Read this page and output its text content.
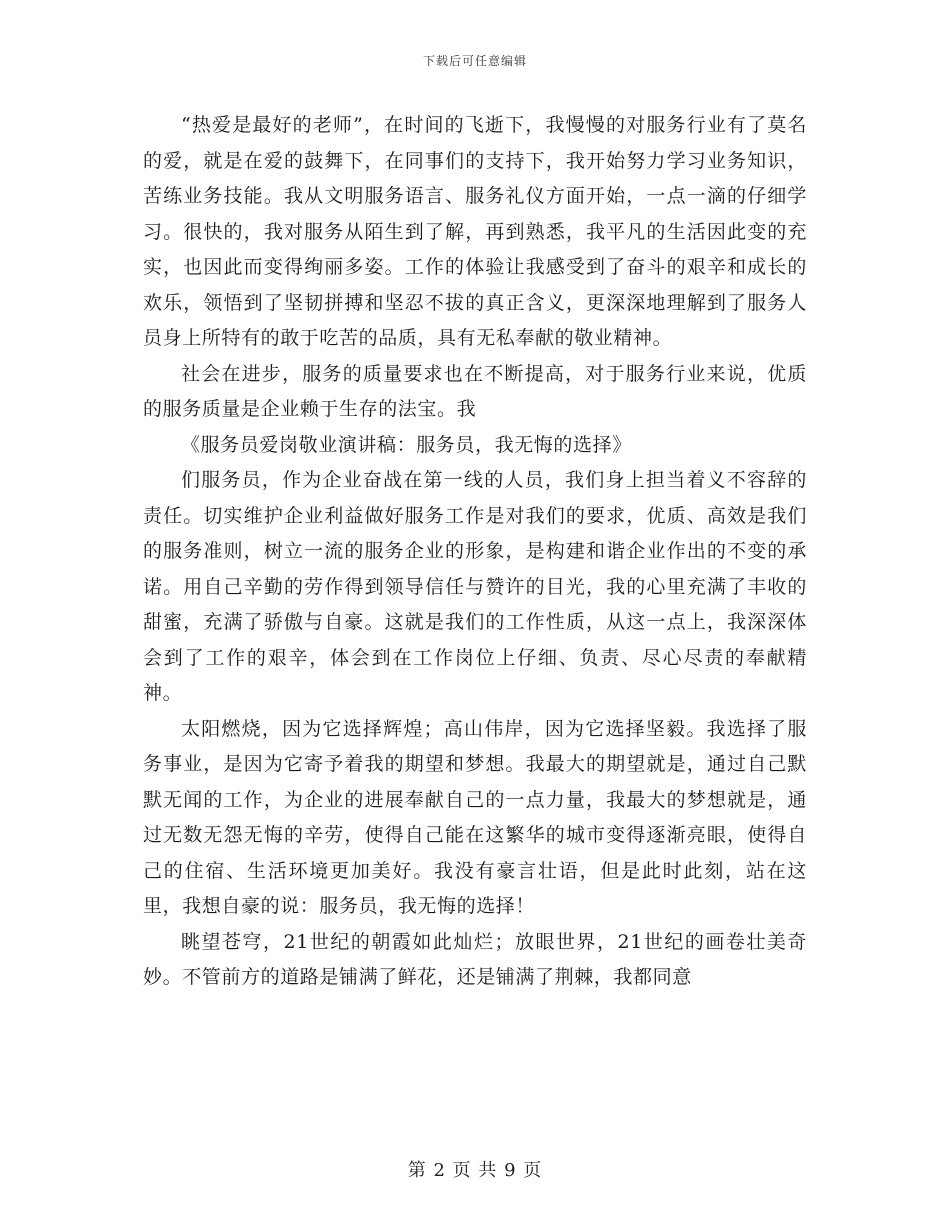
下载后可任意编辑

“热爱是最好的老师”，在时间的飞逝下，我慢慢的对服务行业有了莫名的爱，就是在爱的鼓舞下，在同事们的支持下，我开始努力学习业务知识，苦练业务技能。我从文明服务语言、服务礼仪方面开始，一点一滴的仔细学习。很快的，我对服务从陌生到了解，再到熟悉，我平凡的生活因此变的充实，也因此而变得绚丽多姿。工作的体验让我感受到了奋斗的艰辛和成长的欢乐，领悟到了坚韧拼搏和坚忍不拔的真正含义，更深深地理解到了服务人员身上所特有的敢于吃苦的品质，具有无私奉献的敬业精神。

社会在进步，服务的质量要求也在不断提高，对于服务行业来说，优质的服务质量是企业赖于生存的法宝。我

《服务员爱岗敬业演讲稿：服务员，我无悔的选择》

们服务员，作为企业奋战在第一线的人员，我们身上担当着义不容辞的责任。切实维护企业利益做好服务工作是对我们的要求，优质、高效是我们的服务准则，树立一流的服务企业的形象，是构建和谐企业作出的不变的承诺。用自己辛勤的劳作得到领导信任与赞许的目光，我的心里充满了丰收的甜蜜，充满了骄傲与自豪。这就是我们的工作性质，从这一点上，我深深体会到了工作的艰辛，体会到在工作岗位上仔细、负责、尽心尽责的奉献精神。

太阳燃烧，因为它选择辉煌；高山伟岸，因为它选择坚毅。我选择了服务事业，是因为它寄予着我的期望和梦想。我最大的期望就是，通过自己默默无闻的工作，为企业的进展奉献自己的一点力量，我最大的梦想就是，通过无数无怨无悔的辛劳，使得自己能在这繁华的城市变得逐渐亮眼，使得自己的住宿、生活环境更加美好。我没有豪言壮语，但是此时此刻，站在这里，我想自豪的说：服务员，我无悔的选择！

眺望苍穹，21世纪的朝霞如此灿烂；放眼世界，21世纪的画卷壮美奇妙。不管前方的道路是铺满了鲜花，还是铺满了荆棘，我都同意

第 2 页 共 9 页
